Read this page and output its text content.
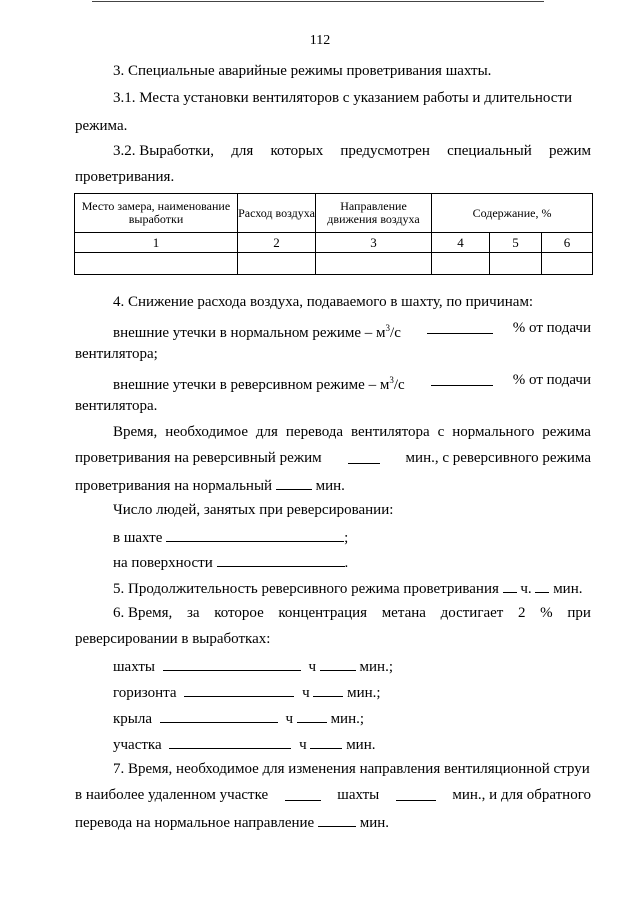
112
3. Специальные аварийные режимы проветривания шахты.
3.1. Места установки вентиляторов с указанием работы и длительности
режима.
3.2. Выработки, для которых предусмотрен специальный режим
проветривания.
Место замера, наименование выработки	Расход воздуха	Направление движения воздуха	Содержание, %		
1	2	3	4	5	6

4. Снижение расхода воздуха, подаваемого в шахту, по причинам:
внешние утечки в нормальном режиме – $м^3/с$	% от подачи
вентилятора;
внешние утечки в реверсивном режиме – $м^3/с$	% от подачи
вентилятора.
Время, необходимое для перевода вентилятора с нормального режима
проветривания на реверсивный режим	мин., с реверсивного режима
проветривания на нормальный	мин.
Число людей, занятых при реверсировании:
в шахте	;
на поверхности	.
5. Продолжительность реверсивного режима проветривания ч. мин.
6. Время, за которое концентрация метана достигает 2 % при
реверсировании в выработках:
шахты	ч	мин.;
горизонта	ч	мин.;
крыла	ч	мин.;
участка	ч	мин.
7. Время, необходимое для изменения направления вентиляционной струи
в наиболее удаленном участке	шахты	мин., и для обратного
перевода на нормальное направление	мин.
